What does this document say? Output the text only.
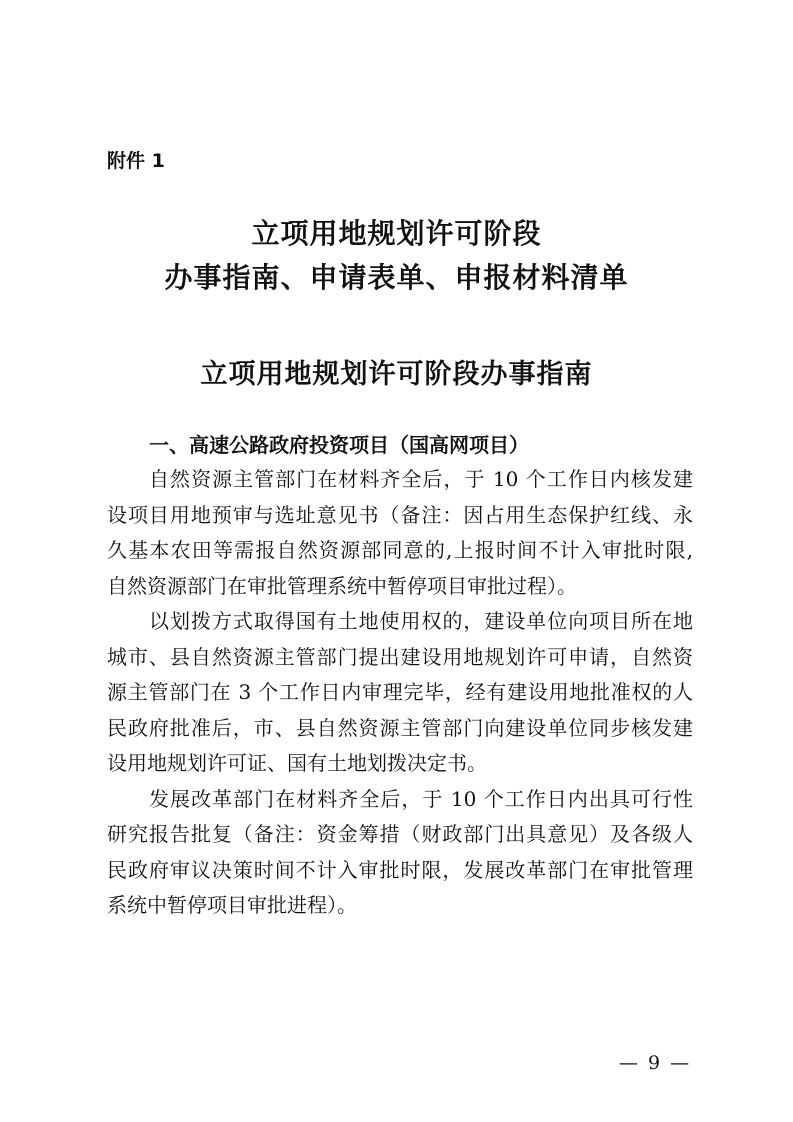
附件 1
立项用地规划许可阶段
办事指南、申请表单、申报材料清单
立项用地规划许可阶段办事指南
一、高速公路政府投资项目（国高网项目）
自然资源主管部门在材料齐全后，于 10 个工作日内核发建
设项目用地预审与选址意见书（备注：因占用生态保护红线、永
久基本农田等需报自然资源部同意的,上报时间不计入审批时限,
自然资源部门在审批管理系统中暂停项目审批过程）。
以划拨方式取得国有土地使用权的，建设单位向项目所在地
城市、县自然资源主管部门提出建设用地规划许可申请，自然资
源主管部门在 3 个工作日内审理完毕，经有建设用地批准权的人
民政府批准后，市、县自然资源主管部门向建设单位同步核发建
设用地规划许可证、国有土地划拨决定书。
发展改革部门在材料齐全后，于 10 个工作日内出具可行性
研究报告批复（备注：资金筹措（财政部门出具意见）及各级人
民政府审议决策时间不计入审批时限，发展改革部门在审批管理
系统中暂停项目审批进程）。
— 9 —
